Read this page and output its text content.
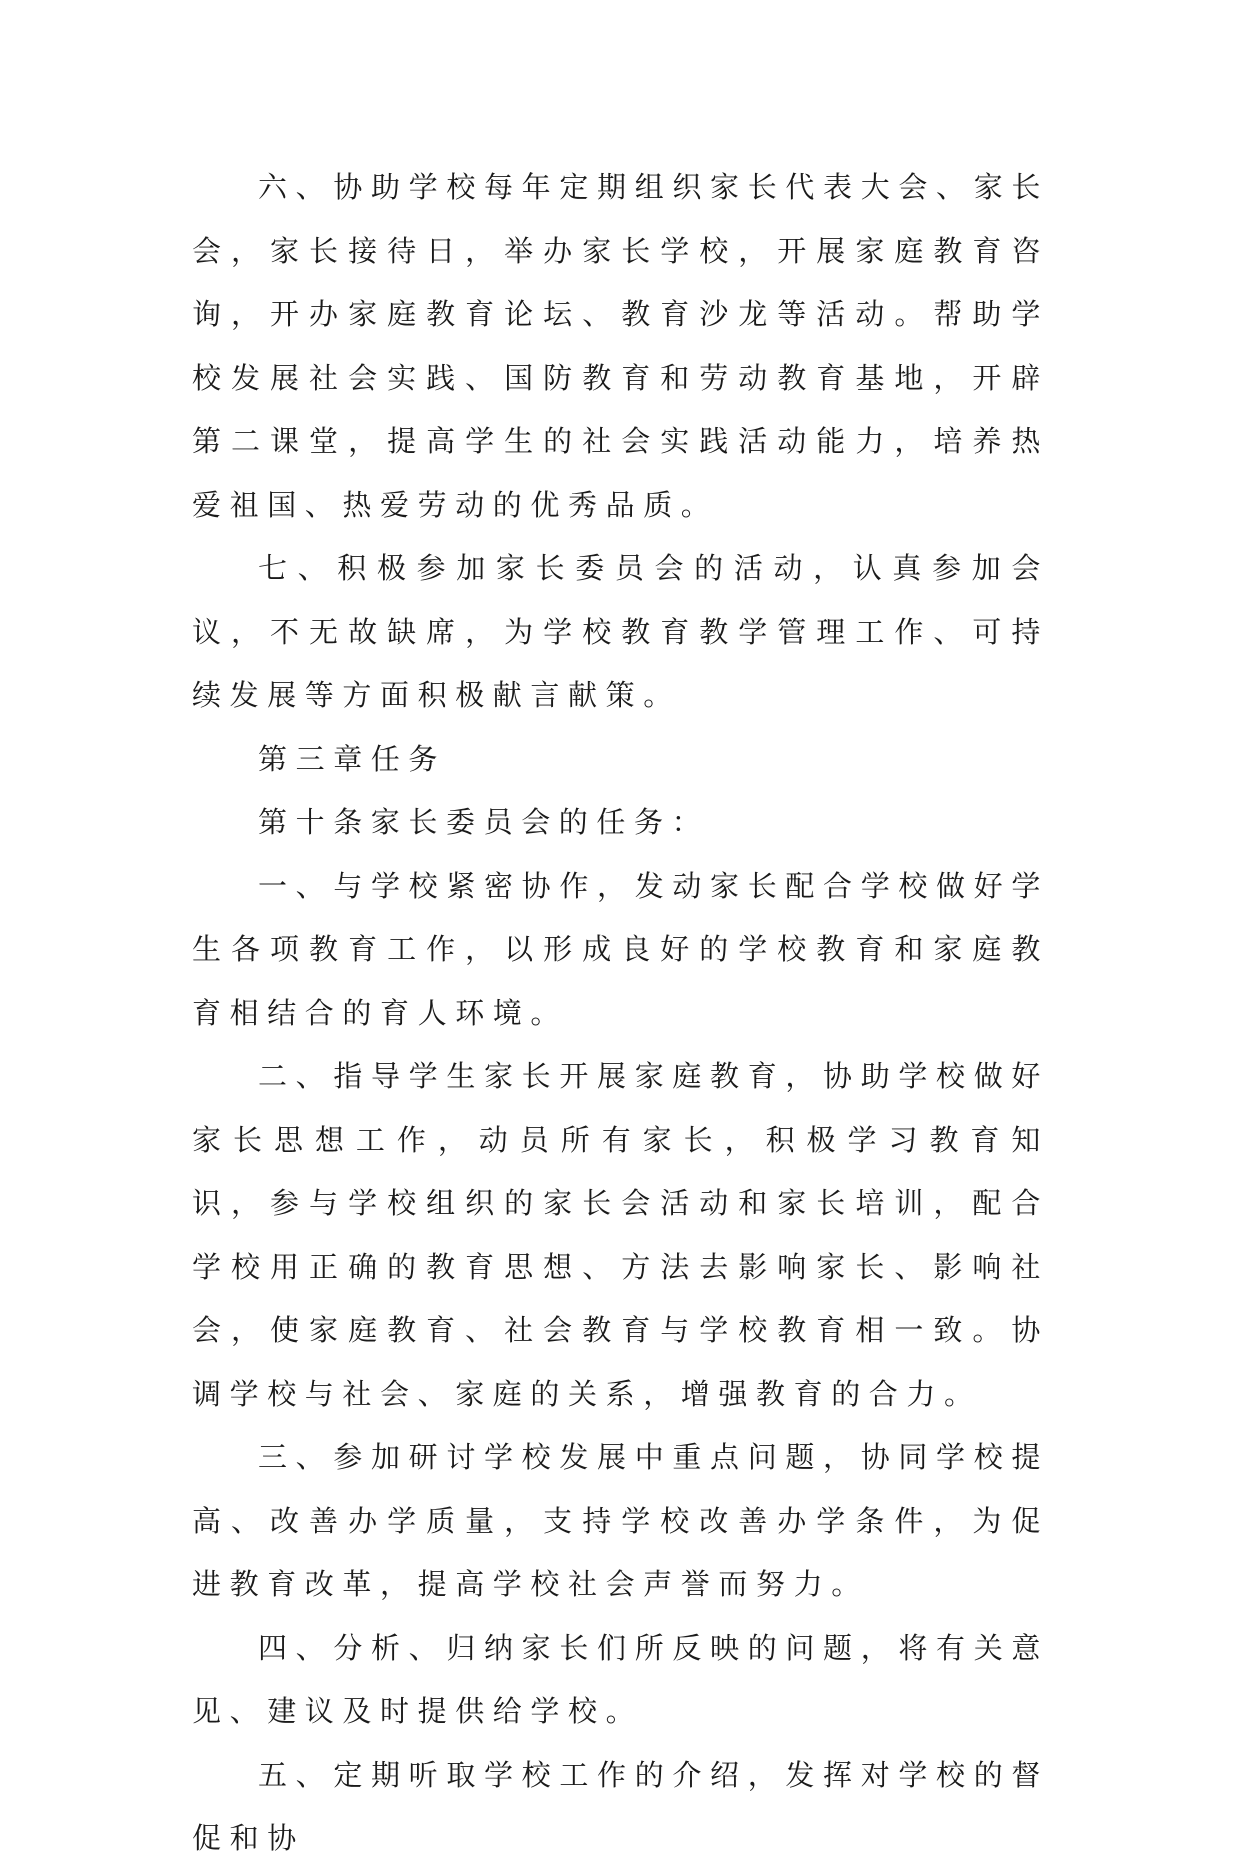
六、协助学校每年定期组织家长代表大会、家长会，家长接待日，举办家长学校，开展家庭教育咨询，开办家庭教育论坛、教育沙龙等活动。帮助学校发展社会实践、国防教育和劳动教育基地，开辟第二课堂，提高学生的社会实践活动能力，培养热爱祖国、热爱劳动的优秀品质。

七、积极参加家长委员会的活动，认真参加会议，不无故缺席，为学校教育教学管理工作、可持续发展等方面积极献言献策。

第三章任务

第十条家长委员会的任务：

一、与学校紧密协作，发动家长配合学校做好学生各项教育工作，以形成良好的学校教育和家庭教育相结合的育人环境。

二、指导学生家长开展家庭教育，协助学校做好家长思想工作，动员所有家长，积极学习教育知识，参与学校组织的家长会活动和家长培训，配合学校用正确的教育思想、方法去影响家长、影响社会，使家庭教育、社会教育与学校教育相一致。协调学校与社会、家庭的关系，增强教育的合力。

三、参加研讨学校发展中重点问题，协同学校提高、改善办学质量，支持学校改善办学条件，为促进教育改革，提高学校社会声誉而努力。

四、分析、归纳家长们所反映的问题，将有关意见、建议及时提供给学校。

五、定期听取学校工作的介绍，发挥对学校的督促和协
